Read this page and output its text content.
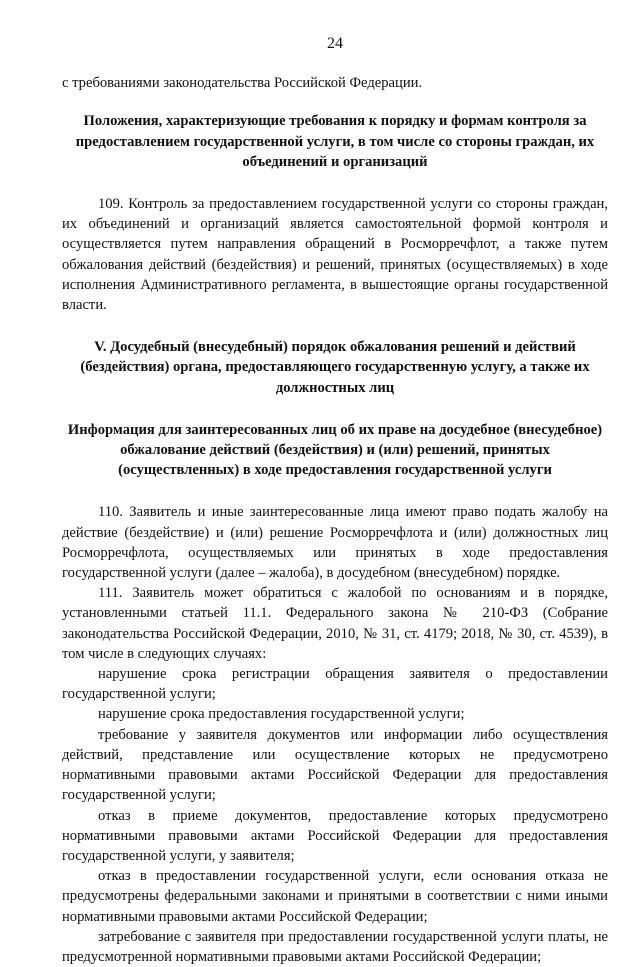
24

с требованиями законодательства Российской Федерации.

Положения, характеризующие требования к порядку и формам контроля за предоставлением государственной услуги, в том числе со стороны граждан, их объединений и организаций

109. Контроль за предоставлением государственной услуги со стороны граждан, их объединений и организаций является самостоятельной формой контроля и осуществляется путем направления обращений в Росморречфлот, а также путем обжалования действий (бездействия) и решений, принятых (осуществляемых) в ходе исполнения Административного регламента, в вышестоящие органы государственной власти.

V. Досудебный (внесудебный) порядок обжалования решений и действий (бездействия) органа, предоставляющего государственную услугу, а также их должностных лиц

Информация для заинтересованных лиц об их праве на досудебное (внесудебное) обжалование действий (бездействия) и (или) решений, принятых (осуществленных) в ходе предоставления государственной услуги

110. Заявитель и иные заинтересованные лица имеют право подать жалобу на действие (бездействие) и (или) решение Росморречфлота и (или) должностных лиц Росморречфлота, осуществляемых или принятых в ходе предоставления государственной услуги (далее – жалоба), в досудебном (внесудебном) порядке.

111. Заявитель может обратиться с жалобой по основаниям и в порядке, установленными статьей 11.1. Федерального закона № 210-ФЗ (Собрание законодательства Российской Федерации, 2010, № 31, ст. 4179; 2018, № 30, ст. 4539), в том числе в следующих случаях:

нарушение срока регистрации обращения заявителя о предоставлении государственной услуги;

нарушение срока предоставления государственной услуги;

требование у заявителя документов или информации либо осуществления действий, представление или осуществление которых не предусмотрено нормативными правовыми актами Российской Федерации для предоставления государственной услуги;

отказ в приеме документов, предоставление которых предусмотрено нормативными правовыми актами Российской Федерации для предоставления государственной услуги, у заявителя;

отказ в предоставлении государственной услуги, если основания отказа не предусмотрены федеральными законами и принятыми в соответствии с ними иными нормативными правовыми актами Российской Федерации;

затребование с заявителя при предоставлении государственной услуги платы, не предусмотренной нормативными правовыми актами Российской Федерации;
